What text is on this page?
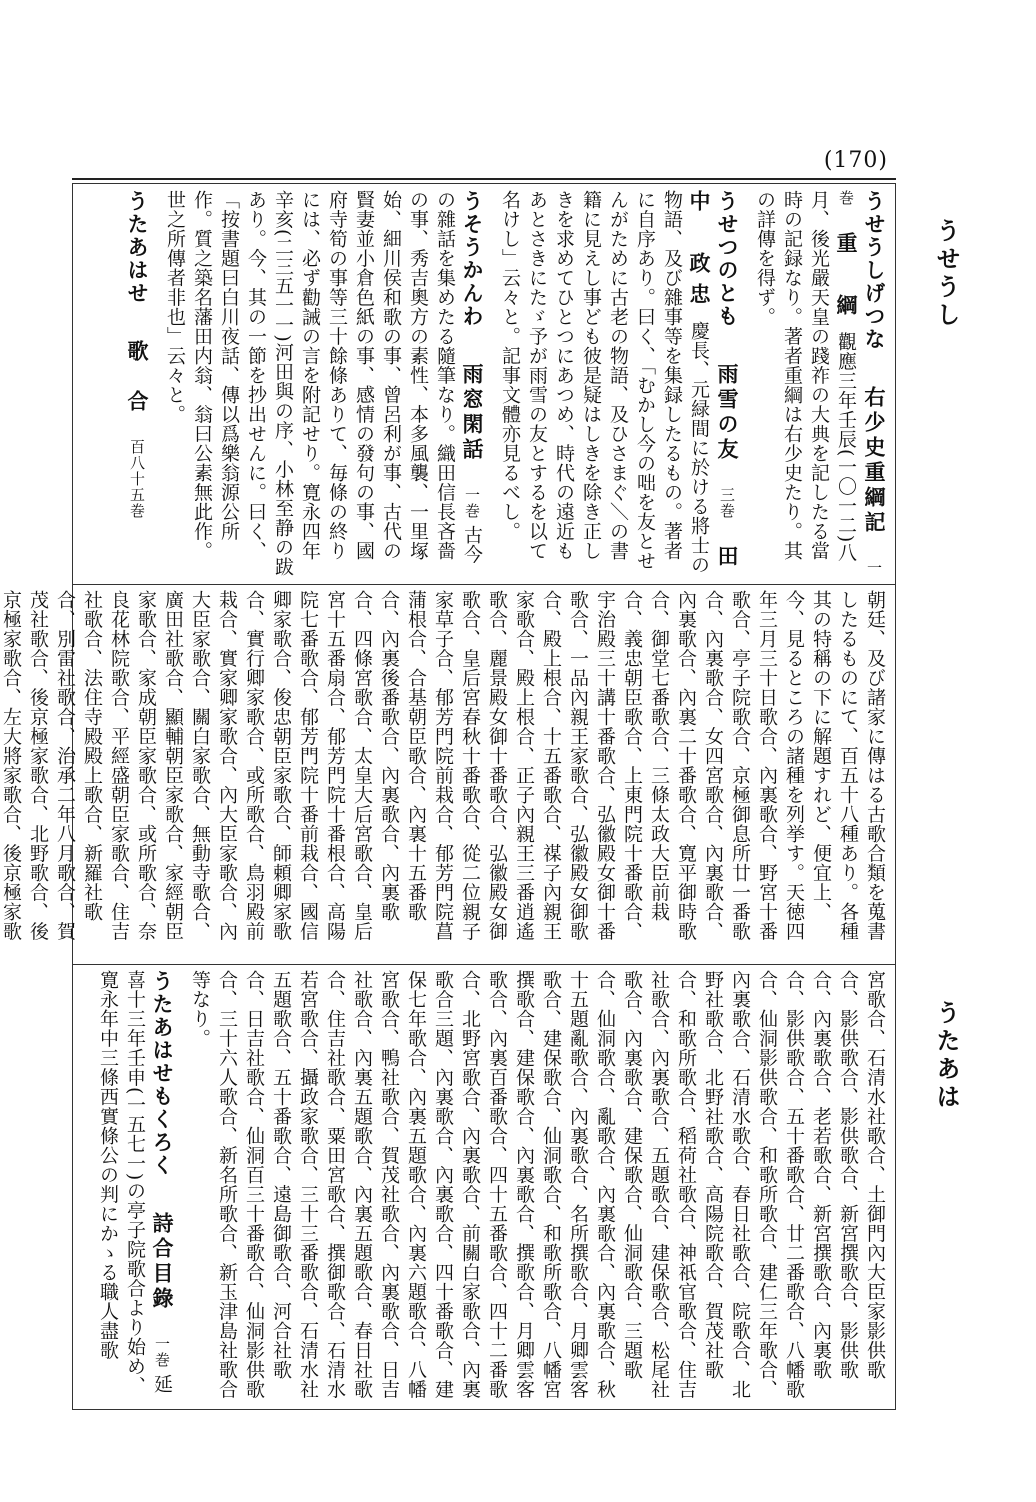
(170)
うせうし
うたあは
うせうしげつな 右少史重綱記一巻重　綱 觀應三年壬辰(一〇一二)八月、後光嚴天皇の踐祚の大典を記したる當時の記録なり。著者重綱は右少史たり。其の詳傳を得ず。
うせつのとも 雨雪の友三巻田中　政忠 慶長、元緑間に於ける將士の物語、及び雜事等を集録したるもの。著者に自序あり。曰く、「むかし今の咄を友とせんがために古老の物語、及ひさまぐ＼の書籍に見えし事ども彼是疑はしきを除き正しきを求めてひとつにあつめ、時代の遠近もあとさきにたゞ予が雨雪の友とするを以て名けし」云々と。記事文體亦見るべし。
うそうかんわ 雨窓閑話一巻 古今の雜話を集めたる隨筆なり。織田信長吝嗇の事、秀吉奧方の素性、本多風襲、一里塚始、細川侯和歌の事、曾呂利が事、古代の賢妻並小倉色紙の事、感情の發句の事、國府寺筍の事等三十餘條ありて、毎條の終りには、必ず勸誡の言を附記せり。寛永四年辛亥(二三五一一)河田與の序、小林至静の跋あり。今、其の一節を抄出せんに。曰く、「按書題曰白川夜話、傳以爲樂翁源公所作。質之築名藩田内翁、翁曰公素無此作。世之所傳者非也」云々と。
うたあはせ 歌　合百八十五巻
朝廷、及び諸家に傳はる古歌合類を蒐書したるものにて、百五十八種あり。各種其の特稱の下に解題すれど、便宜上、今、見るところの諸種を列挙す。天徳四年三月三十日歌合、內裏歌合、野宮十番歌合、亭子院歌合、京極御息所廿一番歌合、內裏歌合、女四宮歌合、內裏歌合、內裏歌合、內裏二十番歌合、寛平御時歌合、御堂七番歌合、三條太政大臣前栽合、義忠朝臣歌合、上東門院十番歌合、宇治殿三十講十番歌合、弘徽殿女御十番歌合、一品內親王家歌合、弘徽殿女御歌合、殿上根合、十五番歌合、禖子內親王家歌合、殿上根合、正子內親王三番逍遙歌合、麗景殿女御十番歌合、弘徽殿女御歌合、皇后宮春秋十番歌合、從二位親子家草子合、郁芳門院前栽合、郁芳門院菖蒲根合、合基朝臣歌合、內裏十五番歌合、內裏後番歌合、內裏歌合、內裏歌合、四條宮歌合、太皇大后宮歌合、皇后宮十五番扇合、郁芳門院十番根合、高陽院七番歌合、郁芳門院十番前栽合、國信卿家歌合、俊忠朝臣家歌合、師頼卿家歌合、實行卿家歌合、或所歌合、鳥羽殿前栽合、實家卿家歌合、內大臣家歌合、內大臣家歌合、關白家歌合、無動寺歌合、廣田社歌合、顯輔朝臣家歌合、家經朝臣家歌合、家成朝臣家歌合、或所歌合、奈良花林院歌合、平經盛朝臣家歌合、住吉社歌合、法住寺殿殿上歌合、新羅社歌合、別雷社歌合、治承二年八月歌合、賀茂社歌合、後京極家歌合、北野歌合、後京極家歌合、左大將家歌合、後京極家歌
宮歌合、石清水社歌合、土御門內大臣家影供歌合、影供歌合、影供歌合、新宮撰歌合、影供歌合、內裏歌合、老若歌合、新宮撰歌合、內裏歌合、影供歌合、五十番歌合、廿二番歌合、八幡歌合、仙洞影供歌合、和歌所歌合、建仁三年歌合、內裏歌合、石清水歌合、春日社歌合、院歌合、北野社歌合、北野社歌合、高陽院歌合、賀茂社歌合、和歌所歌合、稻荷社歌合、神祇官歌合、住吉社歌合、內裏歌合、五題歌合、建保歌合、松尾社歌合、內裏歌合、建保歌合、仙洞歌合、三題歌合、仙洞歌合、亂歌合、內裏歌合、內裏歌合、秋十五題亂歌合、內裏歌合、名所撰歌合、月卿雲客歌合、建保歌合、仙洞歌合、和歌所歌合、八幡宮撰歌合、建保歌合、內裏歌合、撰歌合、月卿雲客歌合、內裏百番歌合、四十五番歌合、四十二番歌合、北野宮歌合、內裏歌合、前關白家歌合、內裏歌合三題、內裏歌合、內裏歌合、四十番歌合、建保七年歌合、內裏五題歌合、內裏六題歌合、八幡宮歌合、鴨社歌合、賀茂社歌合、內裏歌合、日吉社歌合、內裏五題歌合、內裏五題歌合、春日社歌合、住吉社歌合、粟田宮歌合、撰御歌合、石清水若宮歌合、攝政家歌合、三十三番歌合、石清水社五題歌合、五十番歌合、遠島御歌合、河合社歌合、日吉社歌合、仙洞百三十番歌合、仙洞影供歌合、三十六人歌合、新名所歌合、新玉津島社歌合等なり。
うたあはせもくろく 詩合目錄一巻 延喜十三年壬申(一五七一)の亭子院歌合より始め、寛永年中三條西實條公の判にかゝる職人盡歌
